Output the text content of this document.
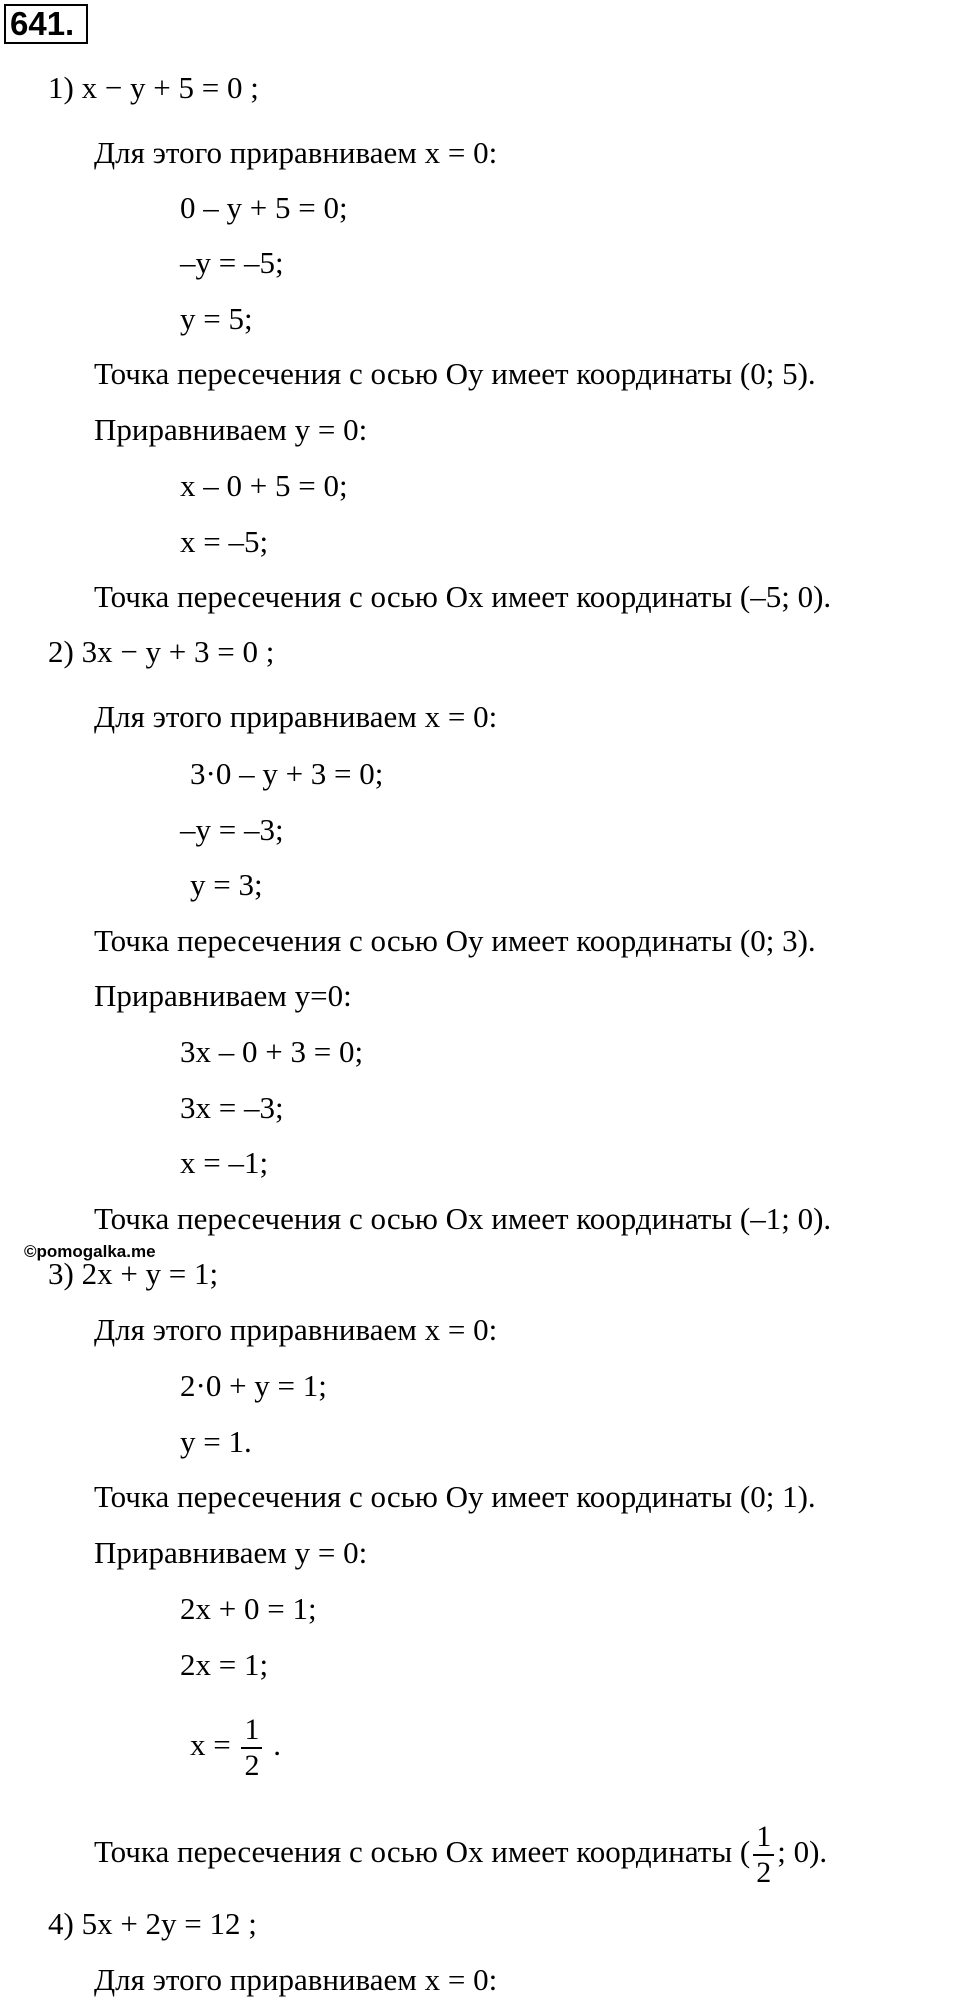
641.
1) x − y + 5 = 0 ;
Для этого приравниваем x = 0:
0 – y + 5 = 0;
–y = –5;
y = 5;
Точка пересечения с осью Oy имеет координаты (0; 5).
Приравниваем y = 0:
x – 0 + 5 = 0;
x = –5;
Точка пересечения с осью Ox имеет координаты (–5; 0).
2) 3x − y + 3 = 0 ;
Для этого приравниваем x = 0:
3·0 – y + 3 = 0;
–y = –3;
y = 3;
Точка пересечения с осью Oy имеет координаты (0; 3).
Приравниваем y=0:
3x – 0 + 3 = 0;
3x = –3;
x = –1;
Точка пересечения с осью Ox имеет координаты (–1; 0).
©pomogalka.me
3) 2x + y = 1;
Для этого приравниваем x = 0:
2·0 + y = 1;
y = 1.
Точка пересечения с осью Oy имеет координаты (0; 1).
Приравниваем y = 0:
2x + 0 = 1;
2x = 1;
$x = \frac{1}{2}$ .
Точка пересечения с осью Ox имеет координаты ( $\frac{1}{2}$ ; 0).
4) 5x + 2y = 12 ;
Для этого приравниваем x = 0:
